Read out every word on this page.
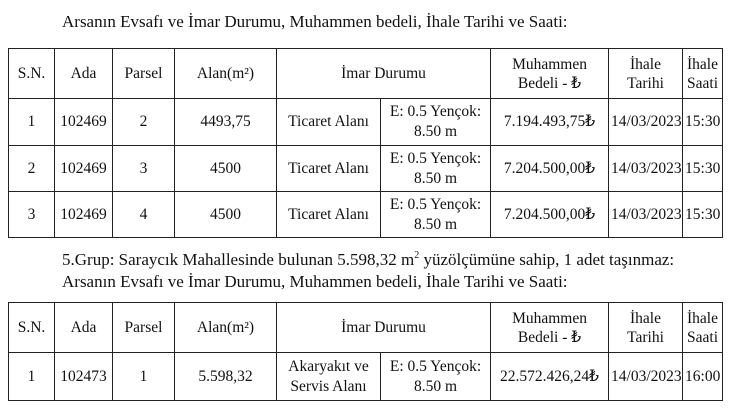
Arsanın Evsafı ve İmar Durumu, Muhammen bedeli, İhale Tarihi ve Saati:
S.N.	Ada	Parsel	Alan(m²)	İmar Durumu		Muhammen
Bedeli - ₺	İhale Tarihi	İhale
Saati
1	102469	2	4493,75	Ticaret Alanı	E: 0.5 Yençok:
8.50 m	7.194.493,75₺	14/03/2023	15:30
2	102469	3	4500	Ticaret Alanı	E: 0.5 Yençok:
8.50 m	7.204.500,00₺	14/03/2023	15:30
3	102469	4	4500	Ticaret Alanı	E: 0.5 Yençok:
8.50 m	7.204.500,00₺	14/03/2023	15:30
5.Grup: Saraycık Mahallesinde bulunan 5.598,32 $m^2$ yüzölçümüne sahip, 1 adet taşınmaz:
Arsanın Evsafı ve İmar Durumu, Muhammen bedeli, İhale Tarihi ve Saati:
S.N.	Ada	Parsel	Alan(m²)	İmar Durumu		Muhammen
Bedeli - ₺	İhale Tarihi	İhale
Saati
1	102473	1	5.598,32	Akaryakıt ve
Servis Alanı	E: 0.5 Yençok:
8.50 m	22.572.426,24₺	14/03/2023	16:00
